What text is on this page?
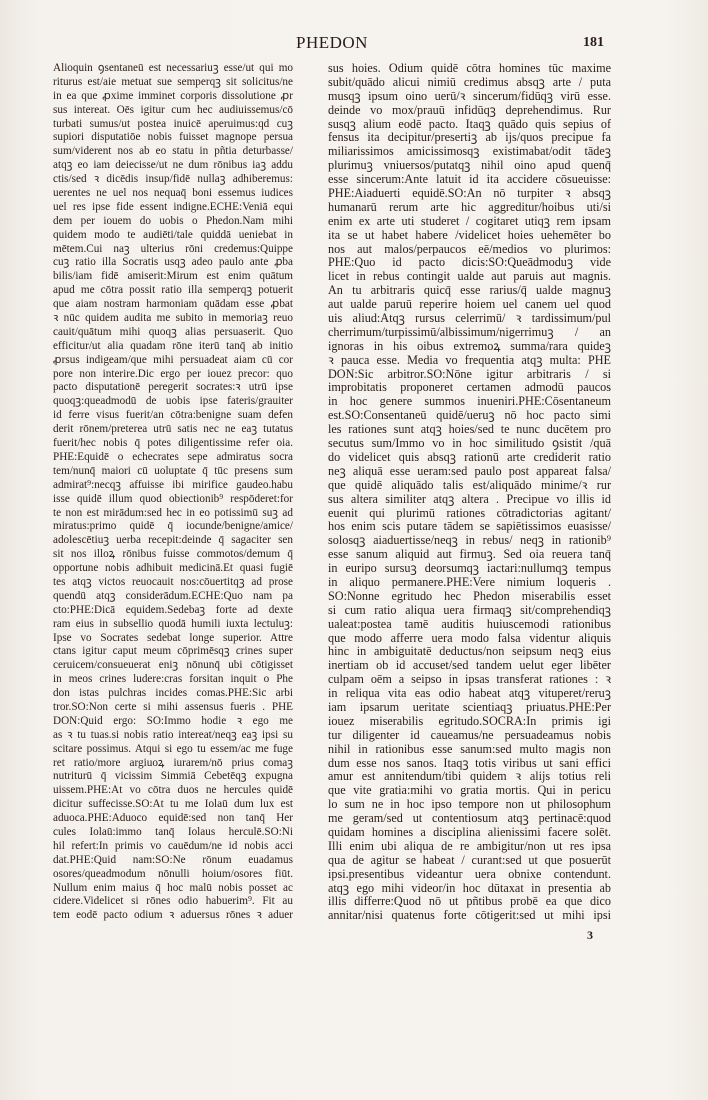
PHEDON	181
Alioquin ꝯsentaneū est necessariuꝫ esse/ut qui mo
riturus est/aie metuat sue semperqꝫ sit solicitus/ne
in ea que ꝓxime imminet corporis dissolutione ꝓr
sus intereat. Oēs igitur cum hec audiuissemus/cō
turbati sumus/ut postea inuicē aperuimus:qd cuꝫ
supiori disputatiōe nobis fuisset magnope persua
sum/viderent nos ab eo statu in pñtia deturbasse/
atqꝫ eo iam deiecisse/ut ne dum rōnibus iaꝫ addu
ctis/sed ꝛ dicēdis insup/fidē nullaꝫ adhiberemus:
uerentes ne uel nos nequaq̄ boni essemus iudices
uel res ipse fide essent indigne.ECHE:Veniā equi
dem per iouem do uobis o Phedon.Nam mihi
quidem modo te audiēti/tale quiddā ueniebat in
mētem.Cui naꝫ ulterius rōni credemus:Quippe
cuꝫ ratio illa Socratis usqꝫ adeo paulo ante ꝓba
bilis/iam fidē amiserit:Mirum est enim quātum
apud me cōtra possit ratio illa semperqꝫ potuerit
que aiam nostram harmoniam quādam esse ꝓbat
ꝛ nūc quidem audita me subito in memoriaꝫ reuo
cauit/quātum mihi quoqꝫ alias persuaserit. Quo
efficitur/ut alia quadam rōne iterū tanq̄ ab initio
ꝓrsus indigeam/que mihi persuadeat aiam cū cor
pore non interire.Dic ergo per iouez precor: quo
pacto disputationē peregerit socrates:ꝛ utrū ipse
quoqꝫ:queadmodū de uobis ipse fateris/grauiter
id ferre visus fuerit/an cōtra:benigne suam defen
derit rōnem/preterea utrū satis nec ne eaꝫ tutatus
fuerit/hec nobis q̄ potes diligentissime refer oia.
PHE:Equidē o echecrates sepe admiratus socra
tem/nunq̄ maiori cū uoluptate q̄ tūc presens sum
admirat⁹:necqꝫ affuisse ibi mirifice gaudeo.habu
isse quidē illum quod obiectionib⁹ respōderet:for
te non est mirādum:sed hec in eo potissimū suꝫ ad
miratus:primo quidē q̄ iocunde/benigne/amice/
adolescētiuꝫ uerba recepit:deinde q̄ sagaciter sen
sit nos illoꝝ rōnibus fuisse commotos/demum q̄
opportune nobis adhibuit medicinā.Et quasi fugiē
tes atqꝫ victos reuocauit nos:cōuertitqꝫ ad prose
quendū atqꝫ considerādum.ECHE:Quo nam pa
cto:PHE:Dicā equidem.Sedebaꝫ forte ad dexte
ram eius in subsellio quodā humili iuxta lectuluꝫ:
Ipse vo Socrates sedebat longe superior. Attre
ctans igitur caput meum cōprimēsqꝫ crines super
ceruicem/consueuerat eniꝫ nōnunq̄ ubi cōtigisset
in meos crines ludere:cras forsitan inquit o Phe
don istas pulchras incides comas.PHE:Sic arbi
tror.SO:Non certe si mihi assensus fueris . PHE
DON:Quid ergo: SO:Immo hodie ꝛ ego me
as ꝛ tu tuas.si nobis ratio intereat/neqꝫ eaꝫ ipsi su
scitare possimus. Atqui si ego tu essem/ac me fuge
ret ratio/more argiuoꝝ iurarem/nō prius comaꝫ
nutriturū q̄ vicissim Simmiā Cebetēqꝫ expugna
uissem.PHE:At vo cōtra duos ne hercules quidē
dicitur suffecisse.SO:At tu me Iolaū dum lux est
aduoca.PHE:Aduoco equidē:sed non tanq̄ Her
cules Iolaū:immo tanq̄ Iolaus herculē.SO:Ni
hil refert:In primis vo cauēdum/ne id nobis acci
dat.PHE:Quid nam:SO:Ne rōnum euadamus
osores/queadmodum nōnulli hoium/osores fiūt.
Nullum enim maius q̄ hoc malū nobis posset ac
cidere.Videlicet si rōnes odio habuerim⁹. Fit au
tem eodē pacto odium ꝛ aduersus rōnes ꝛ aduer
sus hoies. Odium quidē cōtra homines tūc maxime
subit/quādo alicui nimiū credimus absqꝫ arte / puta
musqꝫ ipsum oino uerū/ꝛ sincerum/fidūqꝫ virū esse.
deinde vo mox/prauū infidūqꝫ deprehendimus. Rur
susqꝫ alium eodē pacto. Itaqꝫ quādo quis sepius of
fensus ita decipitur/presertiꝫ ab ijs/quos precipue fa
miliarissimos amicissimosqꝫ existimabat/odit tādeꝫ
plurimuꝫ vniuersos/putatqꝫ nihil oino apud quenq̄
esse sincerum:Ante latuit id ita accidere cōsueuisse:
PHE:Aiaduerti equidē.SO:An nō turpiter ꝛ absqꝫ
humanarū rerum arte hic aggreditur/hoibus uti/si
enim ex arte uti studeret / cogitaret utiqꝫ rem ipsam
ita se ut habet habere /videlicet hoies uehemēter bo
nos aut malos/perpaucos eē/medios vo plurimos:
PHE:Quo id pacto dicis:SO:Queādmoduꝫ vide
licet in rebus contingit ualde aut paruis aut magnis.
An tu arbitraris quicq̄ esse rarius/q̄ ualde magnuꝫ
aut ualde paruū reperire hoiem uel canem uel quod
uis aliud:Atqꝫ rursus celerrimū/ ꝛ tardissimum/pul
cherrimum/turpissimū/albissimum/nigerrimuꝫ / an
ignoras in his oibus extremoꝝ summa/rara quideꝫ
ꝛ pauca esse. Media vo frequentia atqꝫ multa: PHE
DON:Sic arbitror.SO:Nōne igitur arbitraris / si
improbitatis proponeret certamen admodū paucos
in hoc genere summos inueniri.PHE:Cōsentaneum
est.SO:Consentaneū quidē/ueruꝫ nō hoc pacto simi
les rationes sunt atqꝫ hoies/sed te nunc ducētem pro
secutus sum/Immo vo in hoc similitudo ꝯsistit /quā
do videlicet quis absqꝫ rationū arte crediderit ratio
neꝫ aliquā esse ueram:sed paulo post appareat falsa/
que quidē aliquādo talis est/aliquādo minime/ꝛ rur
sus altera similiter atqꝫ altera . Precipue vo illis id
euenit qui plurimū rationes cōtradictorias agitant/
hos enim scis putare tādem se sapiētissimos euasisse/
solosqꝫ aiaduertisse/neqꝫ in rebus/ neqꝫ in rationib⁹
esse sanum aliquid aut firmuꝫ. Sed oia reuera tanq̄
in euripo sursuꝫ deorsumqꝫ iactari:nullumqꝫ tempus
in aliquo permanere.PHE:Vere nimium loqueris .
SO:Nonne egritudo hec Phedon miserabilis esset
si cum ratio aliqua uera firmaqꝫ sit/comprehendiqꝫ
ualeat:postea tamē auditis huiuscemodi rationibus
que modo afferre uera modo falsa videntur aliquis
hinc in ambiguitatē deductus/non seipsum neqꝫ eius
inertiam ob id accuset/sed tandem uelut eger libēter
culpam oēm a seipso in ipsas transferat rationes : ꝛ
in reliqua vita eas odio habeat atqꝫ vituperet/reruꝫ
iam ipsarum ueritate scientiaqꝫ priuatus.PHE:Per
iouez miserabilis egritudo.SOCRA:In primis igi
tur diligenter id caueamus/ne persuadeamus nobis
nihil in rationibus esse sanum:sed multo magis non
dum esse nos sanos. Itaqꝫ totis viribus ut sani effici
amur est annitendum/tibi quidem ꝛ alijs totius reli
que vite gratia:mihi vo gratia mortis. Qui in pericu
lo sum ne in hoc ipso tempore non ut philosophum
me geram/sed ut contentiosum atqꝫ pertinacē:quod
quidam homines a disciplina alienissimi facere solēt.
Illi enim ubi aliqua de re ambigitur/non ut res ipsa
qua de agitur se habeat / curant:sed ut que posuerūt
ipsi.presentibus videantur uera obnixe contendunt.
atqꝫ ego mihi videor/in hoc dūtaxat in presentia ab
illis differre:Quod nō ut pñtibus probē ea que dico
annitar/nisi quatenus forte cōtigerit:sed ut mihi ipsi
3
